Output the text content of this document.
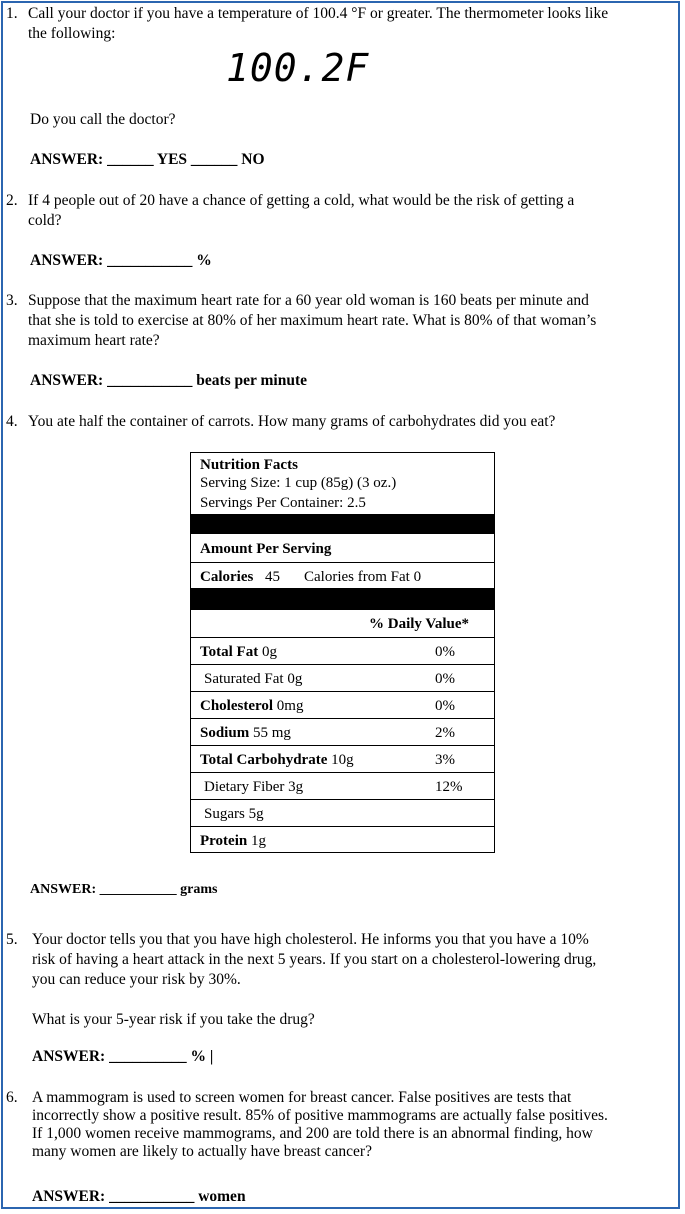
1. Call your doctor if you have a temperature of 100.4 °F or greater. The thermometer looks like
the following:
100.2F
Do you call the doctor?
ANSWER: ______ YES ______ NO
2. If 4 people out of 20 have a chance of getting a cold, what would be the risk of getting a
cold?
ANSWER: ___________ %
3. Suppose that the maximum heart rate for a 60 year old woman is 160 beats per minute and
that she is told to exercise at 80% of her maximum heart rate. What is 80% of that woman’s
maximum heart rate?
ANSWER: ___________ beats per minute
4. You ate half the container of carrots. How many grams of carbohydrates did you eat?
Nutrition Facts
Serving Size: 1 cup (85g) (3 oz.)
Servings Per Container: 2.5
Amount Per Serving
Calories 45 Calories from Fat 0
% Daily Value*
Total Fat 0g	0%
Saturated Fat 0g	0%
Cholesterol 0mg	0%
Sodium 55 mg	2%
Total Carbohydrate 10g	3%
Dietary Fiber 3g	12%
Sugars 5g
Protein 1g
ANSWER: ___________ grams
5. Your doctor tells you that you have high cholesterol. He informs you that you have a 10%
risk of having a heart attack in the next 5 years. If you start on a cholesterol-lowering drug,
you can reduce your risk by 30%.
What is your 5-year risk if you take the drug?
ANSWER: __________ % |
6. A mammogram is used to screen women for breast cancer. False positives are tests that
incorrectly show a positive result. 85% of positive mammograms are actually false positives.
If 1,000 women receive mammograms, and 200 are told there is an abnormal finding, how
many women are likely to actually have breast cancer?
ANSWER: ___________ women
